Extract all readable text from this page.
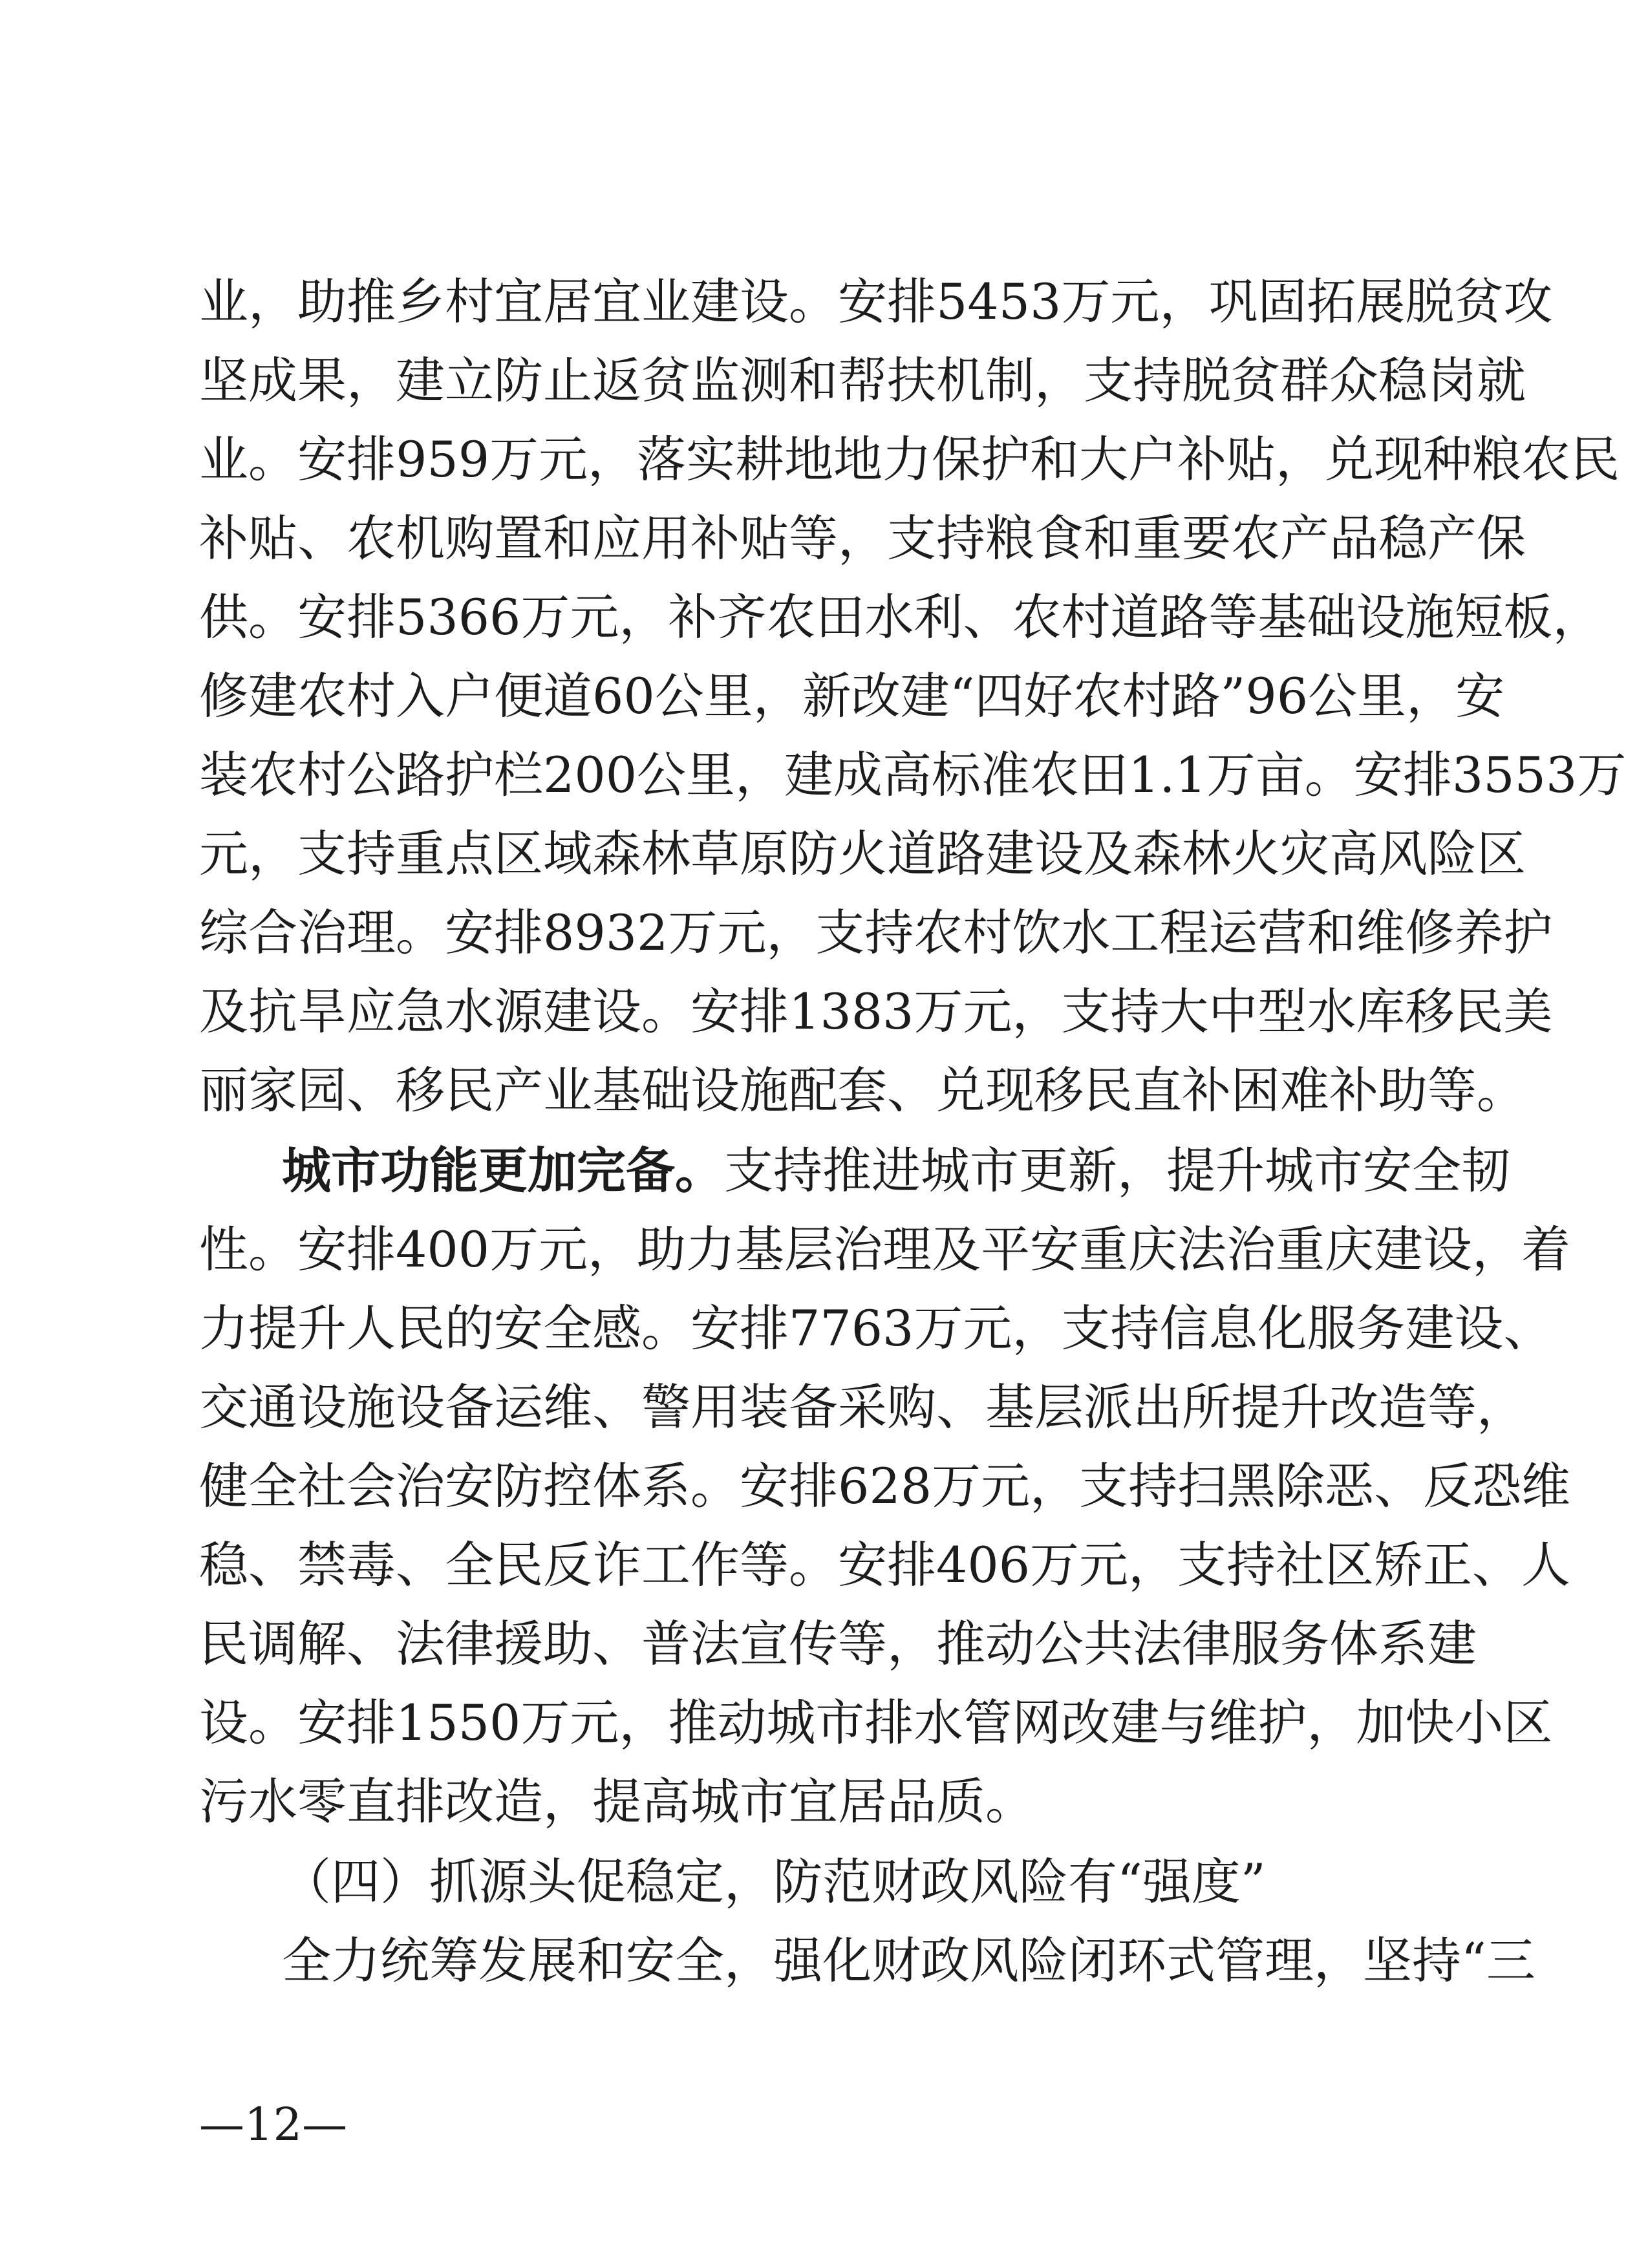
业，助推乡村宜居宜业建设。安排5453万元，巩固拓展脱贫攻
坚成果，建立防止返贫监测和帮扶机制，支持脱贫群众稳岗就
业。安排959万元，落实耕地地力保护和大户补贴，兑现种粮农民
补贴、农机购置和应用补贴等，支持粮食和重要农产品稳产保
供。安排5366万元，补齐农田水利、农村道路等基础设施短板，
修建农村入户便道60公里，新改建“四好农村路”96公里，安
装农村公路护栏200公里，建成高标准农田1.1万亩。安排3553万
元，支持重点区域森林草原防火道路建设及森林火灾高风险区
综合治理。安排8932万元，支持农村饮水工程运营和维修养护
及抗旱应急水源建设。安排1383万元，支持大中型水库移民美
丽家园、移民产业基础设施配套、兑现移民直补困难补助等。
城市功能更加完备。支持推进城市更新，提升城市安全韧
性。安排400万元，助力基层治理及平安重庆法治重庆建设，着
力提升人民的安全感。安排7763万元，支持信息化服务建设、
交通设施设备运维、警用装备采购、基层派出所提升改造等，
健全社会治安防控体系。安排628万元，支持扫黑除恶、反恐维
稳、禁毒、全民反诈工作等。安排406万元，支持社区矫正、人
民调解、法律援助、普法宣传等，推动公共法律服务体系建
设。安排1550万元，推动城市排水管网改建与维护，加快小区
污水零直排改造，提高城市宜居品质。
（四）抓源头促稳定，防范财政风险有“强度”
全力统筹发展和安全，强化财政风险闭环式管理，坚持“三
—12—
